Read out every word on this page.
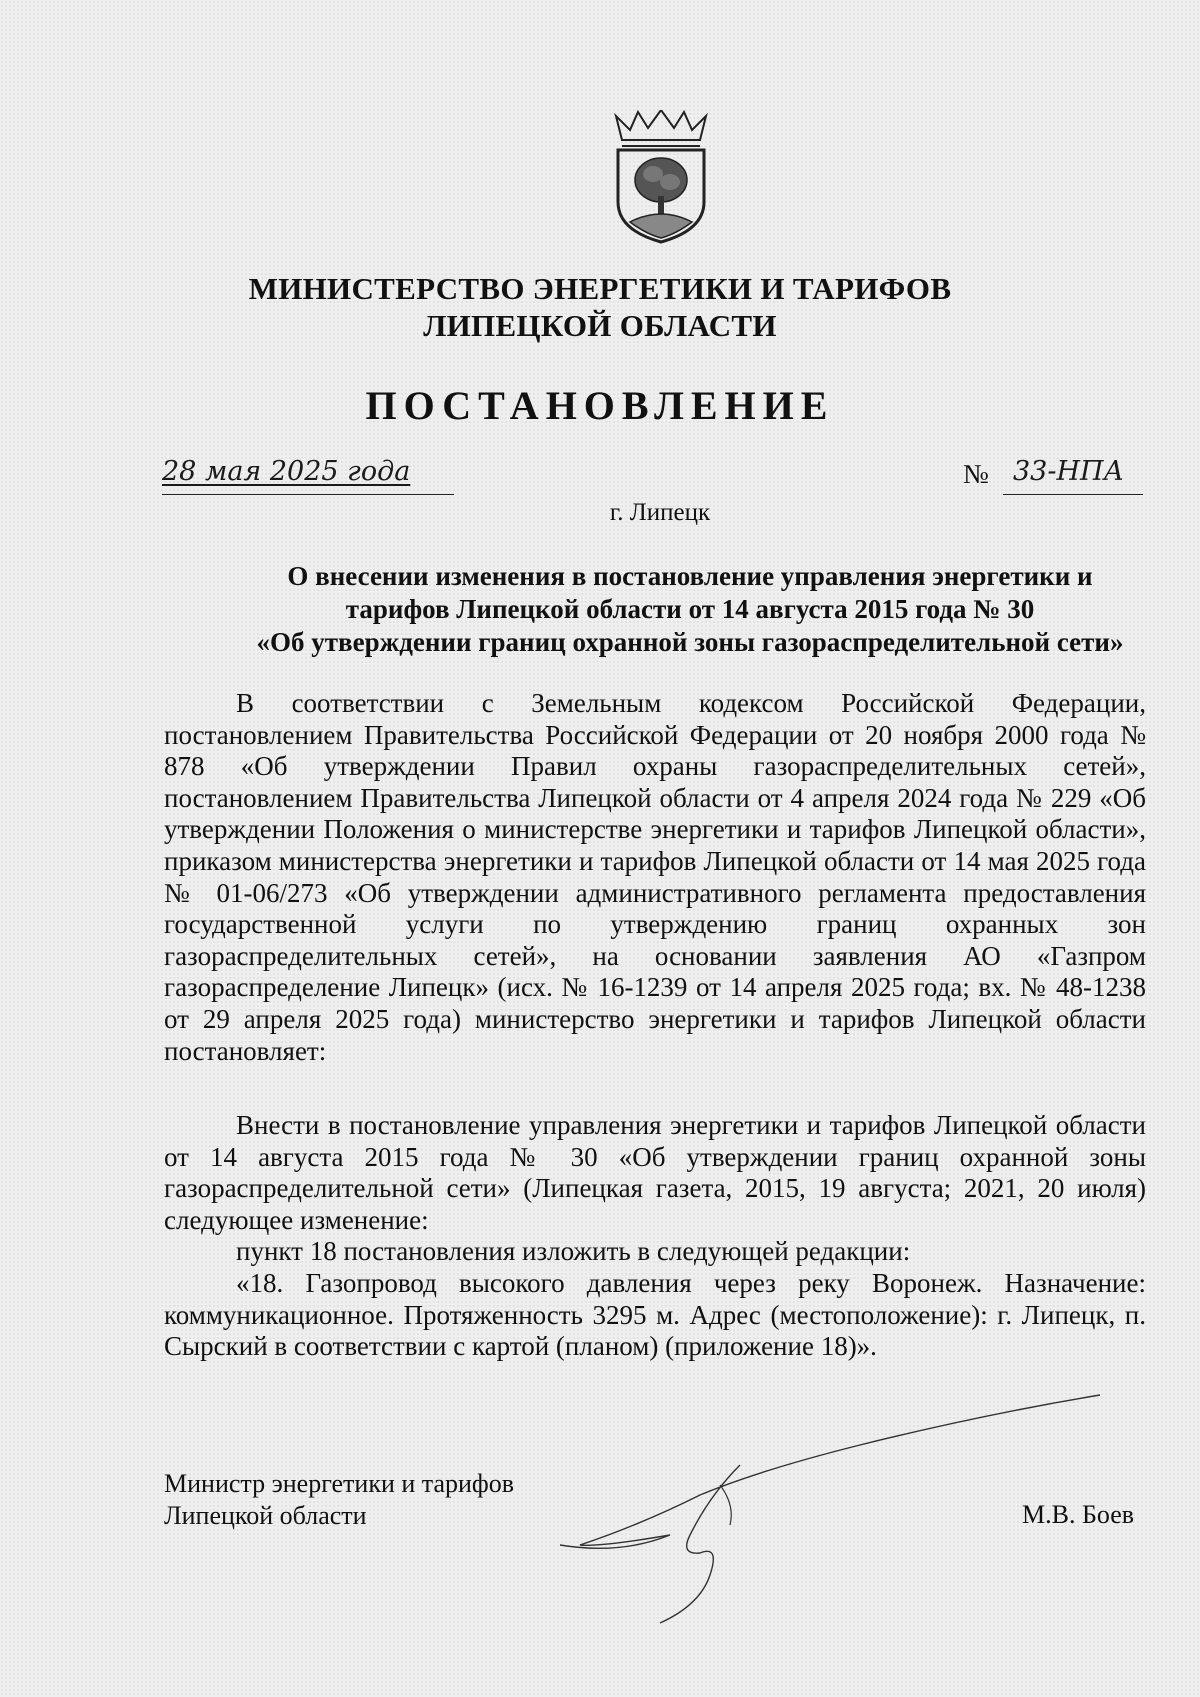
МИНИСТЕРСТВО ЭНЕРГЕТИКИ И ТАРИФОВ
ЛИПЕЦКОЙ ОБЛАСТИ
ПОСТАНОВЛЕНИЕ
28 мая 2025 года	№ 33-НПА
г. Липецк
О внесении изменения в постановление управления энергетики и
тарифов Липецкой области от 14 августа 2015 года № 30
«Об утверждении границ охранной зоны газораспределительной сети»

В соответствии с Земельным кодексом Российской Федерации, постановлением Правительства Российской Федерации от 20 ноября 2000 года № 878 «Об утверждении Правил охраны газораспределительных сетей», постановлением Правительства Липецкой области от 4 апреля 2024 года № 229 «Об утверждении Положения о министерстве энергетики и тарифов Липецкой области», приказом министерства энергетики и тарифов Липецкой области от 14 мая 2025 года № 01-06/273 «Об утверждении административного регламента предоставления государственной услуги по утверждению границ охранных зон газораспределительных сетей», на основании заявления АО «Газпром газораспределение Липецк» (исх. № 16-1239 от 14 апреля 2025 года; вх. № 48-1238 от 29 апреля 2025 года) министерство энергетики и тарифов Липецкой области постановляет:

Внести в постановление управления энергетики и тарифов Липецкой области от 14 августа 2015 года № 30 «Об утверждении границ охранной зоны газораспределительной сети» (Липецкая газета, 2015, 19 августа; 2021, 20 июля) следующее изменение:

пункт 18 постановления изложить в следующей редакции:

«18. Газопровод высокого давления через реку Воронеж. Назначение: коммуникационное. Протяженность 3295 м. Адрес (местоположение): г. Липецк, п. Сырский в соответствии с картой (планом) (приложение 18)».

Министр энергетики и тарифов
Липецкой области	М.В. Боев
